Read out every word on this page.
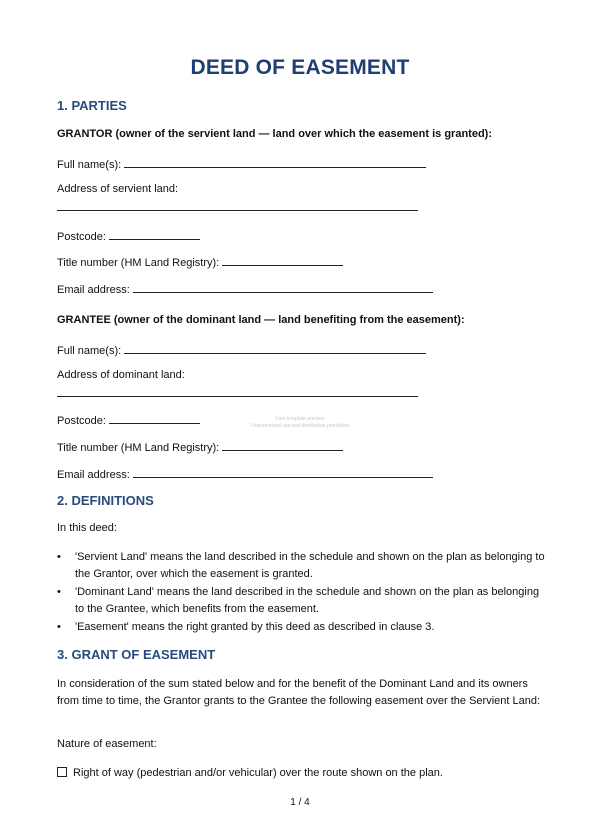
DEED OF EASEMENT
1. PARTIES
GRANTOR (owner of the servient land — land over which the easement is granted):
Full name(s):
Address of servient land:
Postcode:
Title number (HM Land Registry):
Email address:
GRANTEE (owner of the dominant land — land benefiting from the easement):
Full name(s):
Address of dominant land:
Postcode:	Fast template preview
Unauthorized use and distribution prohibited
Title number (HM Land Registry):
Email address:
2. DEFINITIONS
In this deed:
• 'Servient Land' means the land described in the schedule and shown on the plan as belonging to the Grantor, over which the easement is granted.
• 'Dominant Land' means the land described in the schedule and shown on the plan as belonging to the Grantee, which benefits from the easement.
• 'Easement' means the right granted by this deed as described in clause 3.
3. GRANT OF EASEMENT
In consideration of the sum stated below and for the benefit of the Dominant Land and its owners from time to time, the Grantor grants to the Grantee the following easement over the Servient Land:
Nature of easement:
Right of way (pedestrian and/or vehicular) over the route shown on the plan.
1 / 4
